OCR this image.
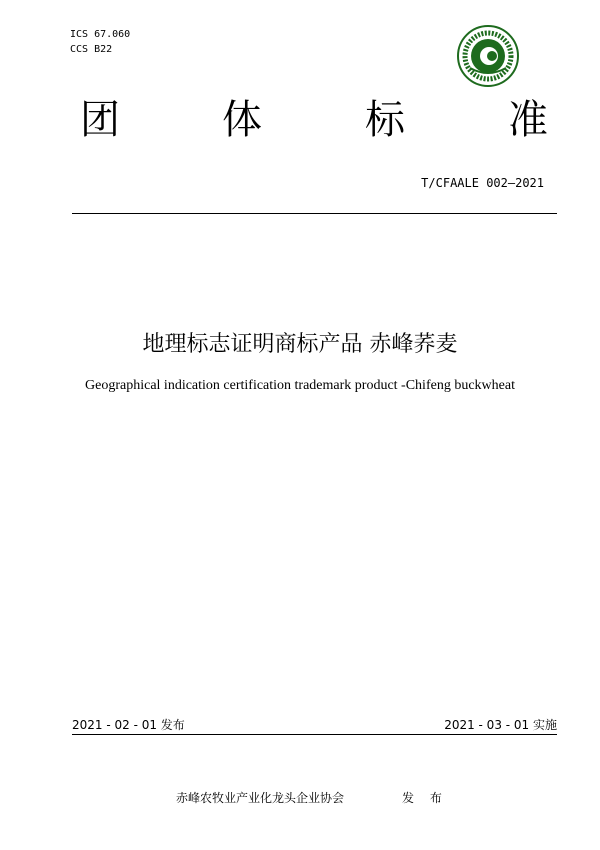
ICS 67.060
CCS B22
团	体	标	准
T/CFAALE 002—2021
地理标志证明商标产品 赤峰荞麦
Geographical indication certification trademark product -Chifeng buckwheat
2021 - 02 - 01 发布	2021 - 03 - 01 实施
赤峰农牧业产业化龙头企业协会	发 布
